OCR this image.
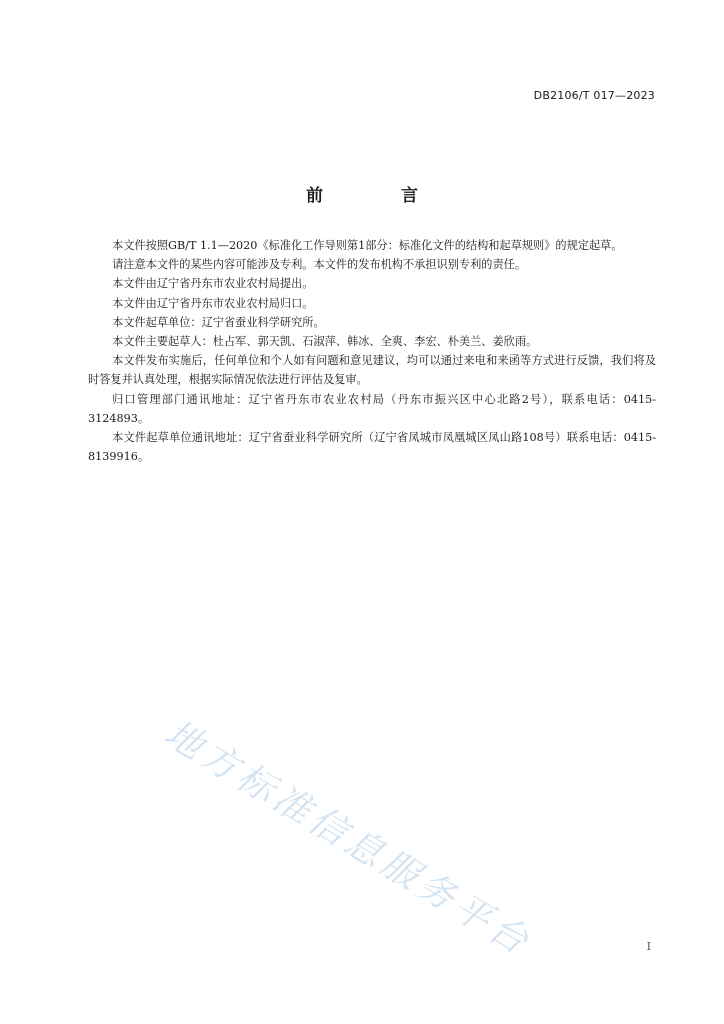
DB2106/T 017—2023
前 言

本文件按照GB/T 1.1—2020《标准化工作导则第1部分：标准化文件的结构和起草规则》的规定起草。

请注意本文件的某些内容可能涉及专利。本文件的发布机构不承担识别专利的责任。

本文件由辽宁省丹东市农业农村局提出。

本文件由辽宁省丹东市农业农村局归口。

本文件起草单位：辽宁省蚕业科学研究所。

本文件主要起草人：杜占军、郭天凯、石淑萍、韩冰、全爽、李宏、朴美兰、姜欣雨。

本文件发布实施后，任何单位和个人如有问题和意见建议，均可以通过来电和来函等方式进行反馈，我们将及时答复并认真处理，根据实际情况依法进行评估及复审。

归口管理部门通讯地址：辽宁省丹东市农业农村局（丹东市振兴区中心北路2号），联系电话：0415-3124893。

本文件起草单位通讯地址：辽宁省蚕业科学研究所（辽宁省凤城市凤凰城区凤山路108号）联系电话：0415-8139916。

地方标准信息服务平台	I
